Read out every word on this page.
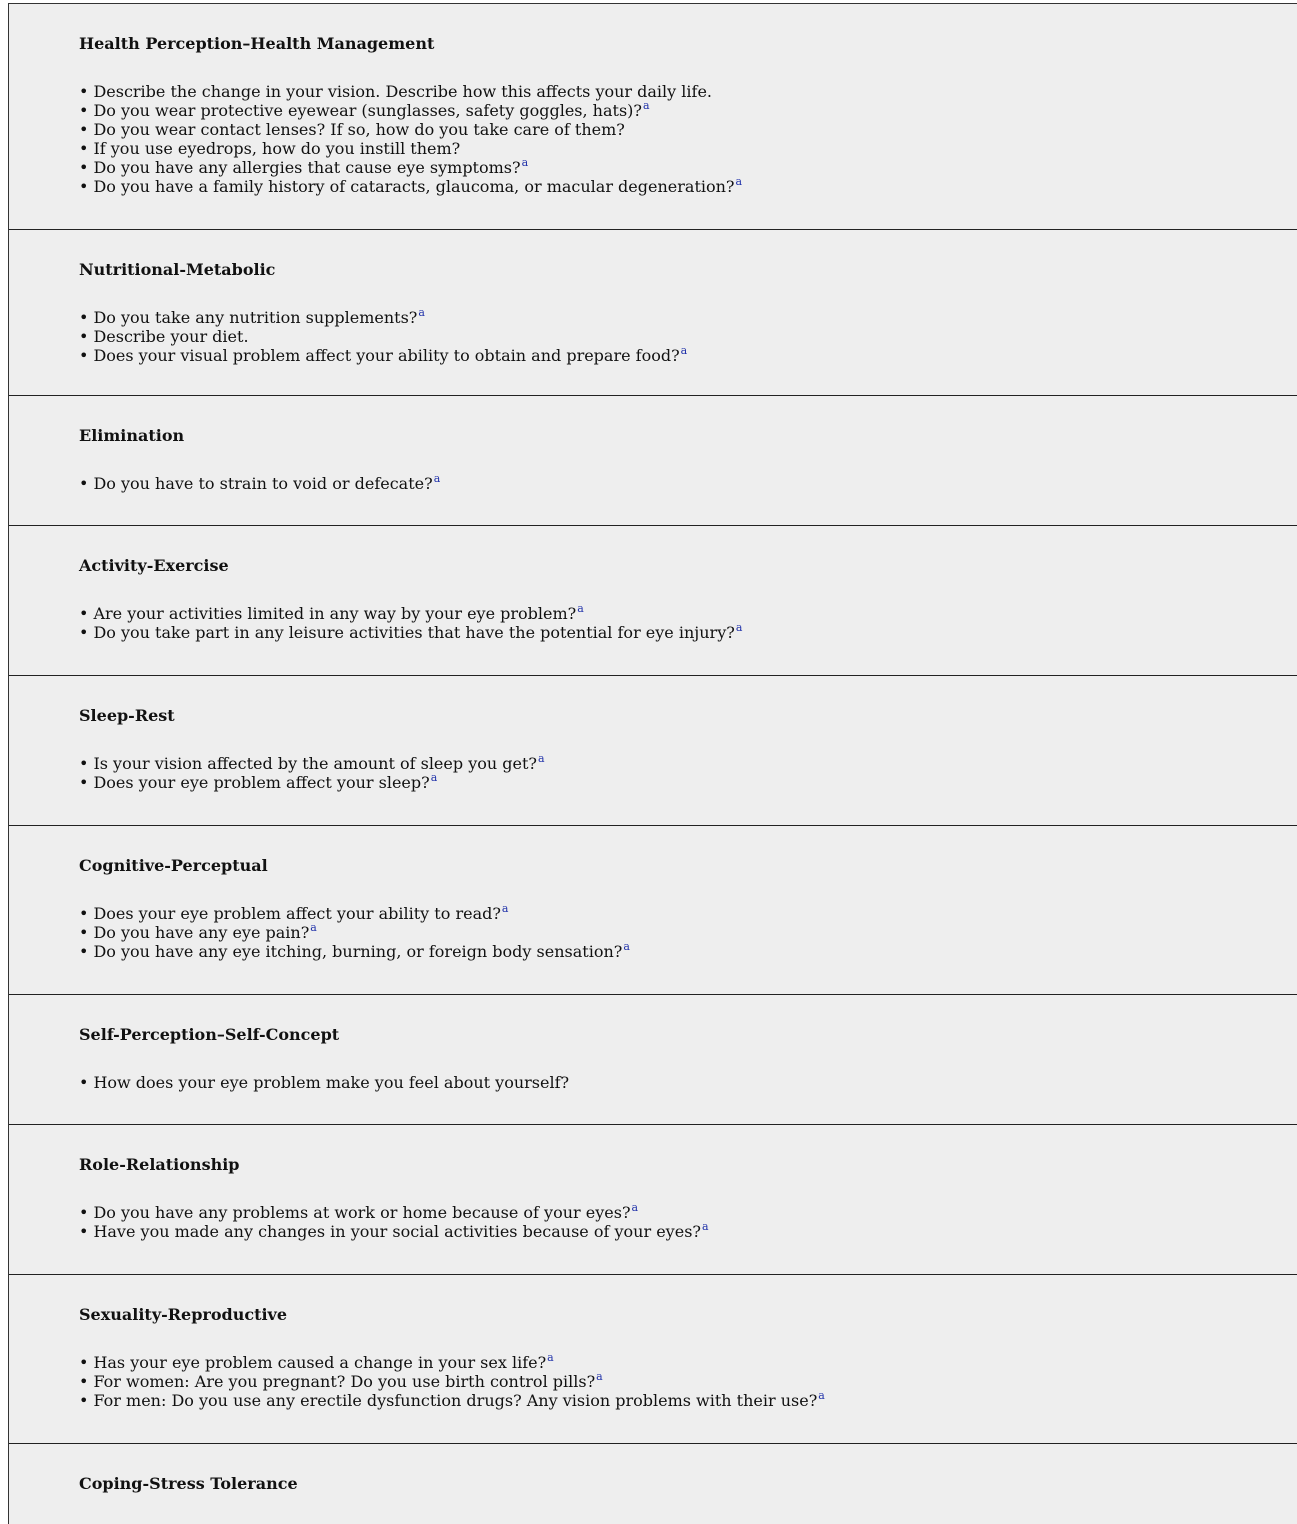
Health Perception–Health Management
• Describe the change in your vision. Describe how this affects your daily life.
• Do you wear protective eyewear (sunglasses, safety goggles, hats)?$^a$
• Do you wear contact lenses? If so, how do you take care of them?
• If you use eyedrops, how do you instill them?
• Do you have any allergies that cause eye symptoms?$^a$
• Do you have a family history of cataracts, glaucoma, or macular degeneration?$^a$
Nutritional-Metabolic
• Do you take any nutrition supplements?$^a$
• Describe your diet.
• Does your visual problem affect your ability to obtain and prepare food?$^a$
Elimination
• Do you have to strain to void or defecate?$^a$
Activity-Exercise
• Are your activities limited in any way by your eye problem?$^a$
• Do you take part in any leisure activities that have the potential for eye injury?$^a$
Sleep-Rest
• Is your vision affected by the amount of sleep you get?$^a$
• Does your eye problem affect your sleep?$^a$
Cognitive-Perceptual
• Does your eye problem affect your ability to read?$^a$
• Do you have any eye pain?$^a$
• Do you have any eye itching, burning, or foreign body sensation?$^a$
Self-Perception–Self-Concept
• How does your eye problem make you feel about yourself?
Role-Relationship
• Do you have any problems at work or home because of your eyes?$^a$
• Have you made any changes in your social activities because of your eyes?$^a$
Sexuality-Reproductive
• Has your eye problem caused a change in your sex life?$^a$
• For women: Are you pregnant? Do you use birth control pills?$^a$
• For men: Do you use any erectile dysfunction drugs? Any vision problems with their use?$^a$
Coping-Stress Tolerance
